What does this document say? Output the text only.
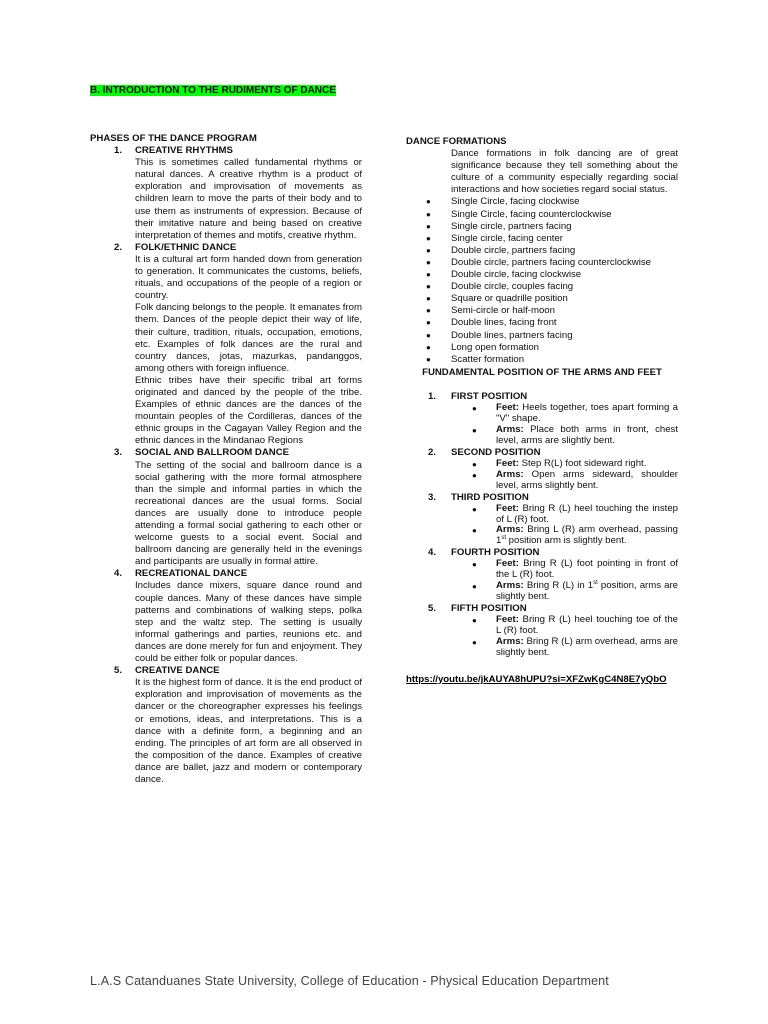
B. INTRODUCTION TO THE RUDIMENTS OF DANCE
PHASES OF THE DANCE PROGRAM
1.	CREATIVE RHYTHMS
This is sometimes called fundamental rhythms or natural dances. A creative rhythm is a product of exploration and improvisation of movements as children learn to move the parts of their body and to use them as instruments of expression. Because of their imitative nature and being based on creative interpretation of themes and motifs, creative rhythm.
2.	FOLK/ETHNIC DANCE
It is a cultural art form handed down from generation to generation. It communicates the customs, beliefs, rituals, and occupations of the people of a region or country.
Folk dancing belongs to the people. It emanates from them. Dances of the people depict their way of life, their culture, tradition, rituals, occupation, emotions, etc. Examples of folk dances are the rural and country dances, jotas, mazurkas, pandanggos, among others with foreign influence.
Ethnic tribes have their specific tribal art forms originated and danced by the people of the tribe. Examples of ethnic dances are the dances of the mountain peoples of the Cordilleras, dances of the ethnic groups in the Cagayan Valley Region and the ethnic dances in the Mindanao Regions
3.	SOCIAL AND BALLROOM DANCE
The setting of the social and ballroom dance is a social gathering with the more formal atmosphere than the simple and informal parties in which the recreational dances are the usual forms. Social dances are usually done to introduce people attending a formal social gathering to each other or welcome guests to a social event. Social and ballroom dancing are generally held in the evenings and participants are usually in formal attire.
4.	RECREATIONAL DANCE
Includes dance mixers, square dance round and couple dances. Many of these dances have simple patterns and combinations of walking steps, polka step and the waltz step. The setting is usually informal gatherings and parties, reunions etc. and dances are done merely for fun and enjoyment. They could be either folk or popular dances.
5.	CREATIVE DANCE
It is the highest form of dance. It is the end product of exploration and improvisation of movements as the dancer or the choreographer expresses his feelings or emotions, ideas, and interpretations. This is a dance with a definite form, a beginning and an ending. The principles of art form are all observed in the composition of the dance. Examples of creative dance are ballet, jazz and modern or contemporary dance.
DANCE FORMATIONS
Dance formations in folk dancing are of great significance because they tell something about the culture of a community especially regarding social interactions and how societies regard social status.
●	Single Circle, facing clockwise
●	Single Circle, facing counterclockwise
●	Single circle, partners facing
●	Single circle, facing center
●	Double circle, partners facing
●	Double circle, partners facing counterclockwise
●	Double circle, facing clockwise
●	Double circle, couples facing
●	Square or quadrille position
●	Semi-circle or half-moon
●	Double lines, facing front
●	Double lines, partners facing
●	Long open formation
●	Scatter formation
FUNDAMENTAL POSITION OF THE ARMS AND FEET
1.	FIRST POSITION
●	Feet: Heels together, toes apart forming a "V" shape.
●	Arms: Place both arms in front, chest level, arms are slightly bent.
2.	SECOND POSITION
●	Feet: Step R(L) foot sideward right.
●	Arms: Open arms sideward, shoulder level, arms slightly bent.
3.	THIRD POSITION
●	Feet: Bring R (L) heel touching the instep of L (R) foot.
●	Arms: Bring L (R) arm overhead, passing 1st position arm is slightly bent.
4.	FOURTH POSITION
●	Feet: Bring R (L) foot pointing in front of the L (R) foot.
●	Arms: Bring R (L) in 1st position, arms are slightly bent.
5.	FIFTH POSITION
●	Feet: Bring R (L) heel touching toe of the L (R) foot.
●	Arms: Bring R (L) arm overhead, arms are slightly bent.
https://youtu.be/jkAUYA8hUPU?si=XFZwKgC4N8E7yQbO
L.A.S Catanduanes State University, College of Education - Physical Education Department
